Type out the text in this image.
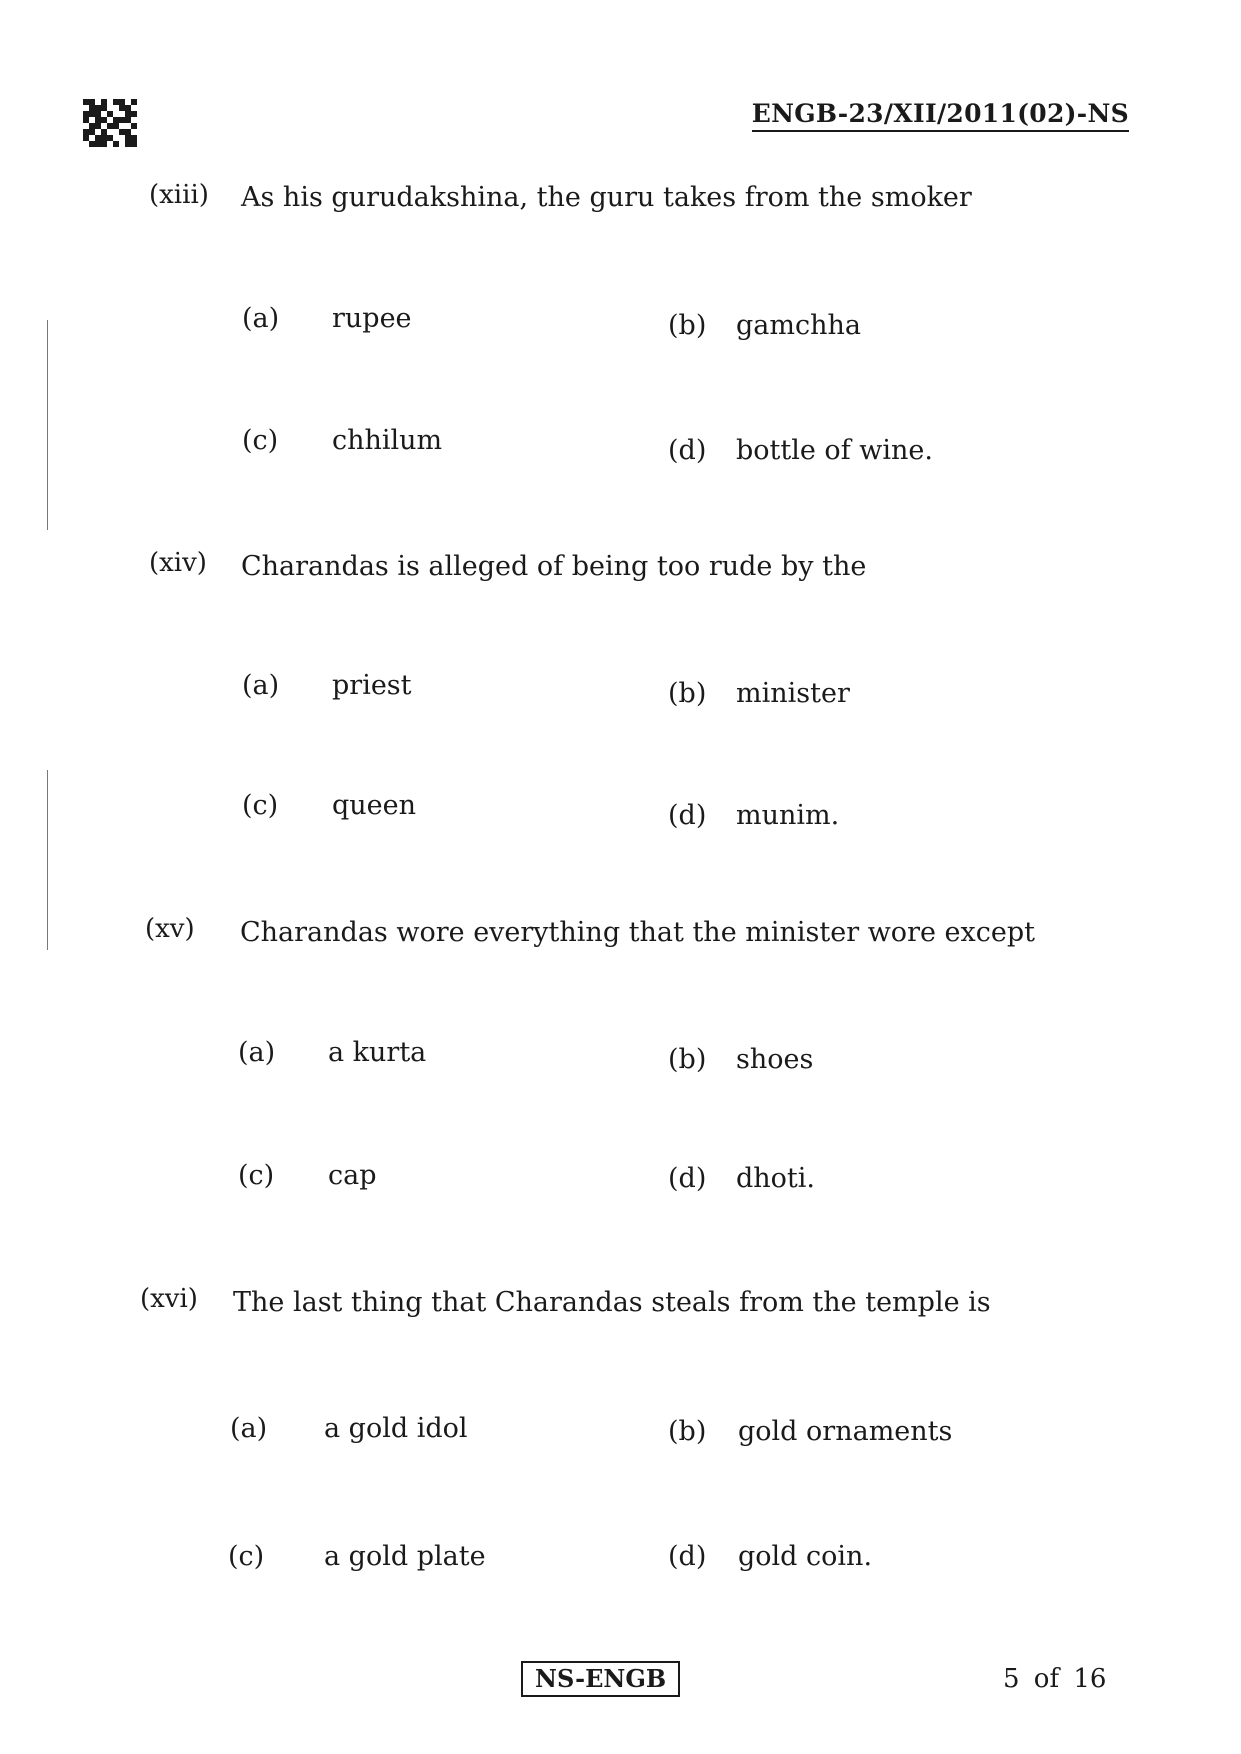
ENGB-23/XII/2011(02)-NS
(xiii) As his gurudakshina, the guru takes from the smoker
(a) rupee	(b) gamchha
(c) chhilum	(d) bottle of wine.
(xiv) Charandas is alleged of being too rude by the
(a) priest	(b) minister
(c) queen	(d) munim.
(xv) Charandas wore everything that the minister wore except
(a) a kurta	(b) shoes
(c) cap	(d) dhoti.
(xvi) The last thing that Charandas steals from the temple is
(a) a gold idol	(b) gold ornaments
(c) a gold plate	(d) gold coin.
NS-ENGB	5 of 16
